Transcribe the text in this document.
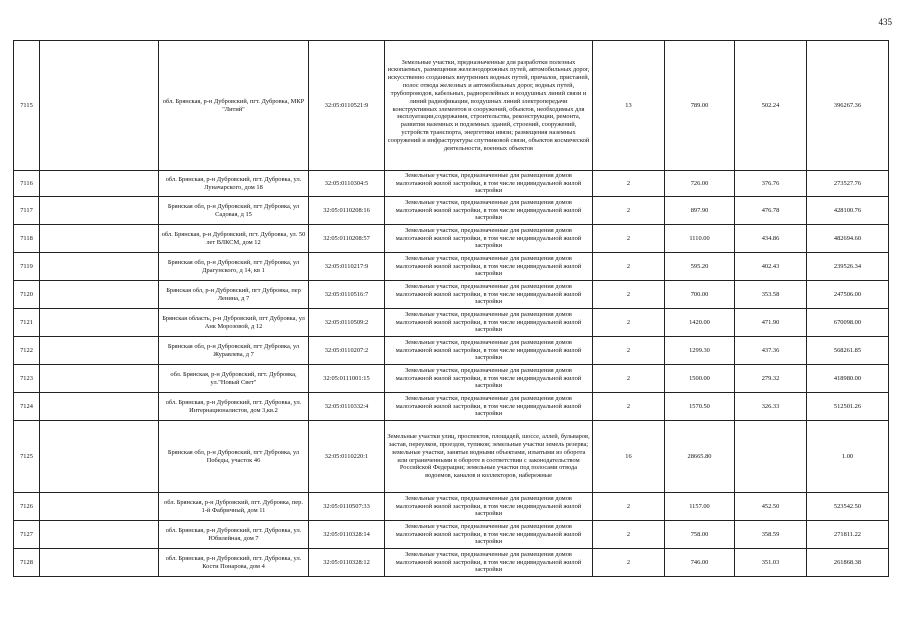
435
7115		обл. Брянская, р-н Дубровский, пгт. Дубровка, МКР "Литий"	32:05:0110521:9	Земельные участки, предназначенные для разработки полезных ископаемых, размещения железнодорожных путей, автомобильных дорог, искусственно созданных внутренних водных путей, причалов, пристаней, полос отвода железных и автомобильных дорог, водных путей, трубопроводов, кабельных, радиорелейных и воздушных линий связи и линий радиофикации, воздушных линий электропередачи конструктивных элементов и сооружений, объектов, необходимых для эксплуатации,содержания, строительства, реконструкции, ремонта, развития наземных и подземных зданий, строений, сооружений, устройств транспорта, энергетики ивязи; размещения наземных сооружений и инфраструктуры спутниковой связи, объектов космической деятельности, военных объектов	13	789.00	502.24	396267.36
7116		обл. Брянская, р-н Дубровский, пгт. Дубровка, ул. Луначарского, дом 18	32:05:0110304:5	Земельные участки, предназначенные для размещения домов малоэтажной жилой застройки, в том числе индивидуальной жилой застройки	2	726.00	376.76	273527.76
7117		Брянская обл, р-н Дубровский, пгт Дубровка, ул Садовая, д 15	32:05:0110208:16	Земельные участки, предназначенные для размещения домов малоэтажной жилой застройки, в том числе индивидуальной жилой застройки	2	897.90	476.78	428100.76
7118		обл. Брянская, р-н Дубровский, пгт. Дубровка, ул. 50 лет ВЛКСМ, дом 12	32:05:0110208:57	Земельные участки, предназначенные для размещения домов малоэтажной жилой застройки, в том числе индивидуальной жилой застройки	2	1110.00	434.86	482694.60
7119		Брянская обл, р-н Дубровский, пгт Дубровка, ул Драгунского, д 14, кв 1	32:05:0110217:9	Земельные участки, предназначенные для размещения домов малоэтажной жилой застройки, в том числе индивидуальной жилой застройки	2	595.20	402.43	239526.34
7120		Брянская обл, р-н Дубровский, пгт Дубровка, пер Ленина, д 7	32:05:0110516:7	Земельные участки, предназначенные для размещения домов малоэтажной жилой застройки, в том числе индивидуальной жилой застройки	2	700.00	353.58	247506.00
7121		Брянская область, р-н Дубровский, пгт Дубровка, ул Анк Морозовой, д 12	32:05:0110509:2	Земельные участки, предназначенные для размещения домов малоэтажной жилой застройки, в том числе индивидуальной жилой застройки	2	1420.00	471.90	670098.00
7122		Брянская обл, р-н Дубровский, пгт Дубровка, ул Журавлева, д 7	32:05:0110207:2	Земельные участки, предназначенные для размещения домов малоэтажной жилой застройки, в том числе индивидуальной жилой застройки	2	1299.30	437.36	568261.85
7123		обл. Брянская, р-н Дубровский, пгт. Дубровка, ул."Новый Свет"	32:05:0111001:15	Земельные участки, предназначенные для размещения домов малоэтажной жилой застройки, в том числе индивидуальной жилой застройки	2	1500.00	279.32	418980.00
7124		обл. Брянская, р-н Дубровский, пгт. Дубровка, ул. Интернационалистов, дом 3,кв.2	32:05:0110332:4	Земельные участки, предназначенные для размещения домов малоэтажной жилой застройки, в том числе индивидуальной жилой застройки	2	1570.50	326.33	512501.26
7125		Брянская обл, р-н Дубровский, пгт Дубровка, ул Победы, участок 46	32:05:0110220:1	Земельные участки улиц, проспектов, площадей, шоссе, аллей, бульваров, застав, переулков, проездов, тупиков; земельные участки земель резерва; земельные участки, занятые водными объектами, изъятыми из оборота или ограниченными в обороте в соответствии с законодательством Российской Федерации; земельные участки под полосами отвода водоемов, каналов и коллекторов, набережные	16	28665.80		1.00
7126		обл. Брянская, р-н Дубровский, пгт. Дубровка, пер. 1-й Фабричный, дом 11	32:05:0110507:33	Земельные участки, предназначенные для размещения домов малоэтажной жилой застройки, в том числе индивидуальной жилой застройки	2	1157.00	452.50	523542.50
7127		обл. Брянская, р-н Дубровский, пгт. Дубровка, ул. Юбилейная, дом 7	32:05:0110328:14	Земельные участки, предназначенные для размещения домов малоэтажной жилой застройки, в том числе индивидуальной жилой застройки	2	758.00	358.59	271811.22
7128		обл. Брянская, р-н Дубровский, пгт. Дубровка, ул. Кости Понарова, дом 4	32:05:0110328:12	Земельные участки, предназначенные для размещения домов малоэтажной жилой застройки, в том числе индивидуальной жилой застройки	2	746.00	351.03	261868.38
